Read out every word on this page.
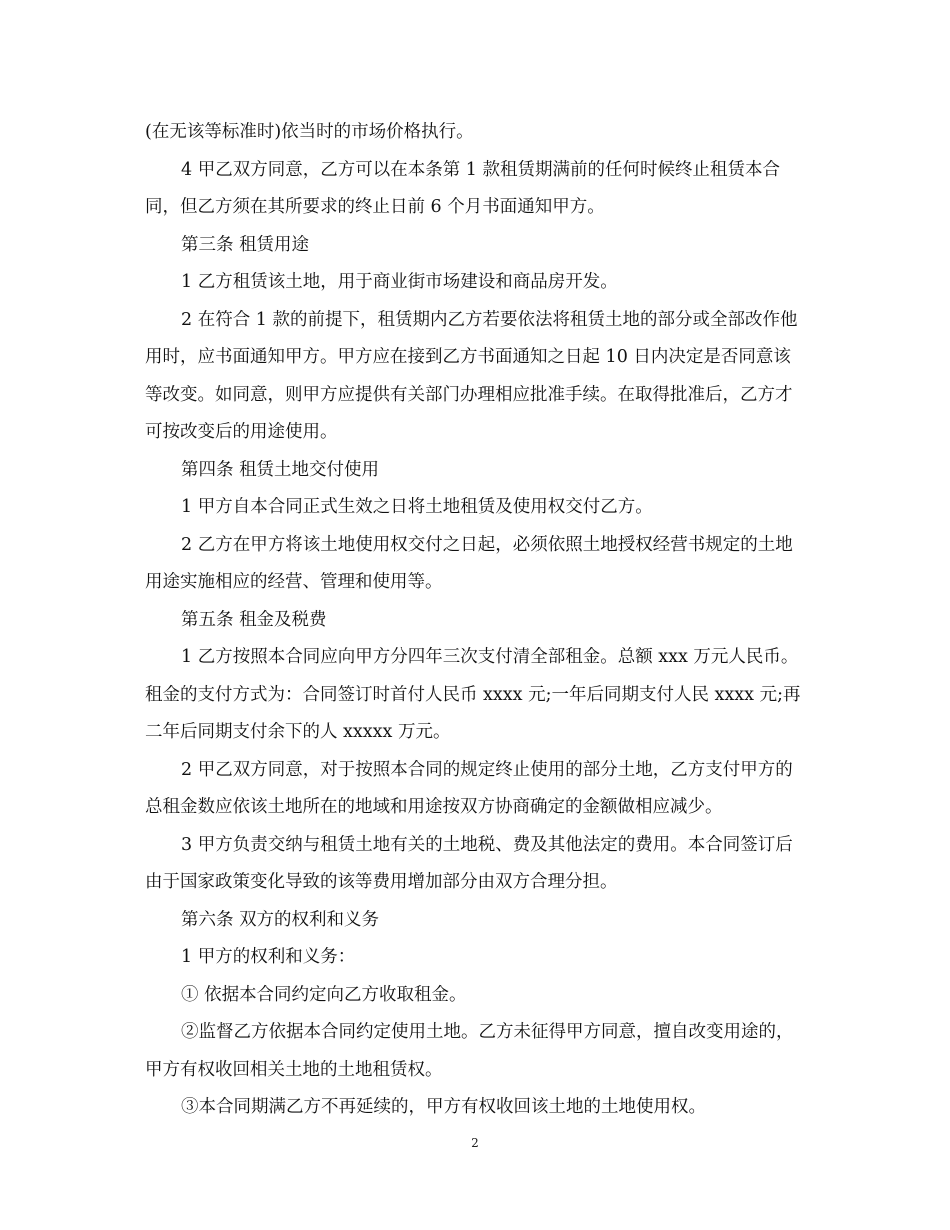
(在无该等标准时)依当时的市场价格执行。

4 甲乙双方同意，乙方可以在本条第 1 款租赁期满前的任何时候终止租赁本合同，但乙方须在其所要求的终止日前 6 个月书面通知甲方。

第三条 租赁用途

1 乙方租赁该土地，用于商业街市场建设和商品房开发。

2 在符合 1 款的前提下，租赁期内乙方若要依法将租赁土地的部分或全部改作他用时，应书面通知甲方。甲方应在接到乙方书面通知之日起 10 日内决定是否同意该等改变。如同意，则甲方应提供有关部门办理相应批准手续。在取得批准后，乙方才可按改变后的用途使用。

第四条 租赁土地交付使用

1 甲方自本合同正式生效之日将土地租赁及使用权交付乙方。

2 乙方在甲方将该土地使用权交付之日起，必须依照土地授权经营书规定的土地用途实施相应的经营、管理和使用等。

第五条 租金及税费

1 乙方按照本合同应向甲方分四年三次支付清全部租金。总额 xxx 万元人民币。租金的支付方式为：合同签订时首付人民币 xxxx 元;一年后同期支付人民 xxxx 元;再二年后同期支付余下的人 xxxxx 万元。

2 甲乙双方同意，对于按照本合同的规定终止使用的部分土地，乙方支付甲方的总租金数应依该土地所在的地域和用途按双方协商确定的金额做相应减少。

3 甲方负责交纳与租赁土地有关的土地税、费及其他法定的费用。本合同签订后由于国家政策变化导致的该等费用增加部分由双方合理分担。

第六条 双方的权利和义务

1 甲方的权利和义务：

① 依据本合同约定向乙方收取租金。

②监督乙方依据本合同约定使用土地。乙方未征得甲方同意，擅自改变用途的，甲方有权收回相关土地的土地租赁权。

③本合同期满乙方不再延续的，甲方有权收回该土地的土地使用权。

2
